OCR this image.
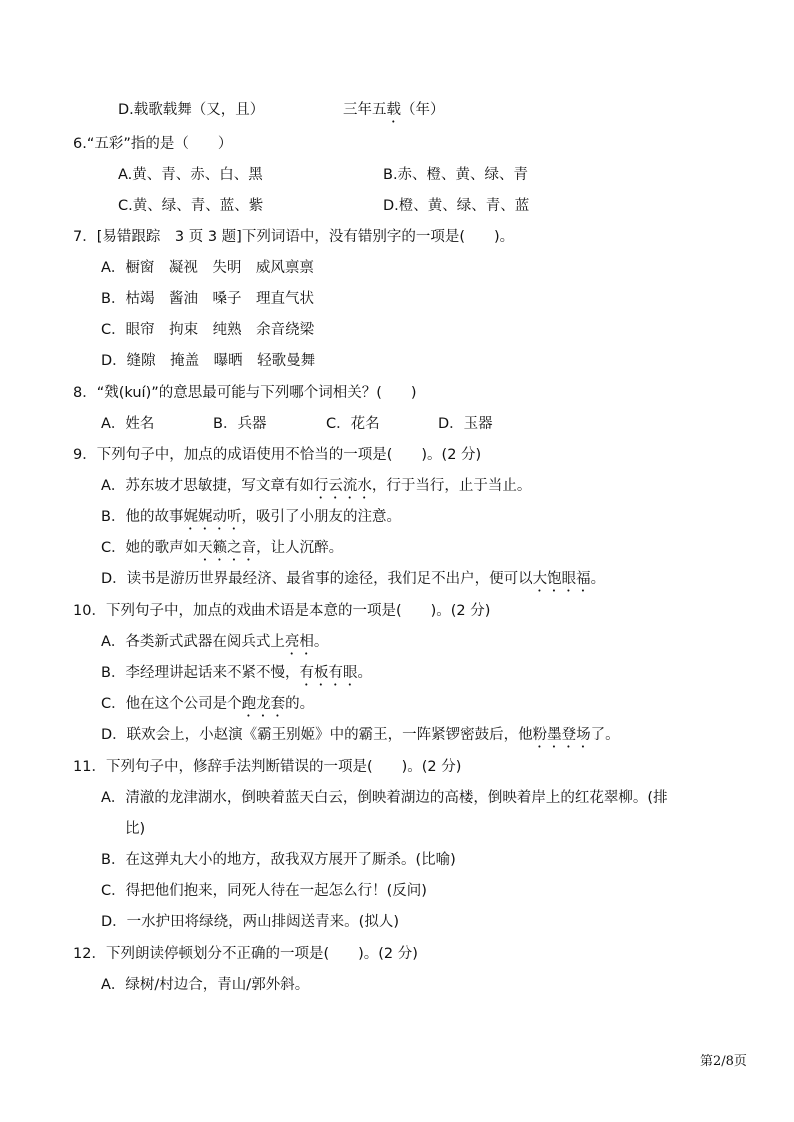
D.载歌载舞（又，且）	三年五载（年）
6.“五彩”指的是（　　）
A.黄、青、赤、白、黑	B.赤、橙、黄、绿、青
C.黄、绿、青、蓝、紫	D.橙、黄、绿、青、蓝
7．[易错跟踪　3 页 3 题]下列词语中，没有错别字的一项是(　　)。
A．橱窗　凝视　失明　威风禀禀
B．枯竭　酱油　嗓子　理直气状
C．眼帘　拘束　纯熟　余音绕梁
D．缝隙　掩盖　曝晒　轻歌曼舞
8．“戣(kuí)”的意思最可能与下列哪个词相关？(　　)
A．姓名	B．兵器	C．花名	D．玉器
9．下列句子中，加点的成语使用不恰当的一项是(　　)。(2 分)
A．苏东坡才思敏捷，写文章有如行云流水，行于当行，止于当止。
B．他的故事娓娓动听，吸引了小朋友的注意。
C．她的歌声如天籁之音，让人沉醉。
D．读书是游历世界最经济、最省事的途径，我们足不出户，便可以大饱眼福。
10．下列句子中，加点的戏曲术语是本意的一项是(　　)。(2 分)
A．各类新式武器在阅兵式上亮相。
B．李经理讲起话来不紧不慢，有板有眼。
C．他在这个公司是个跑龙套的。
D．联欢会上，小赵演《霸王别姬》中的霸王，一阵紧锣密鼓后，他粉墨登场了。
11．下列句子中，修辞手法判断错误的一项是(　　)。(2 分)
A．清澈的龙津湖水，倒映着蓝天白云，倒映着湖边的高楼，倒映着岸上的红花翠柳。(排
比)
B．在这弹丸大小的地方，敌我双方展开了厮杀。(比喻)
C．得把他们抱来，同死人待在一起怎么行！(反问)
D．一水护田将绿绕，两山排闼送青来。(拟人)
12．下列朗读停顿划分不正确的一项是(　　)。(2 分)
A．绿树/村边合，青山/郭外斜。
第2/8页
